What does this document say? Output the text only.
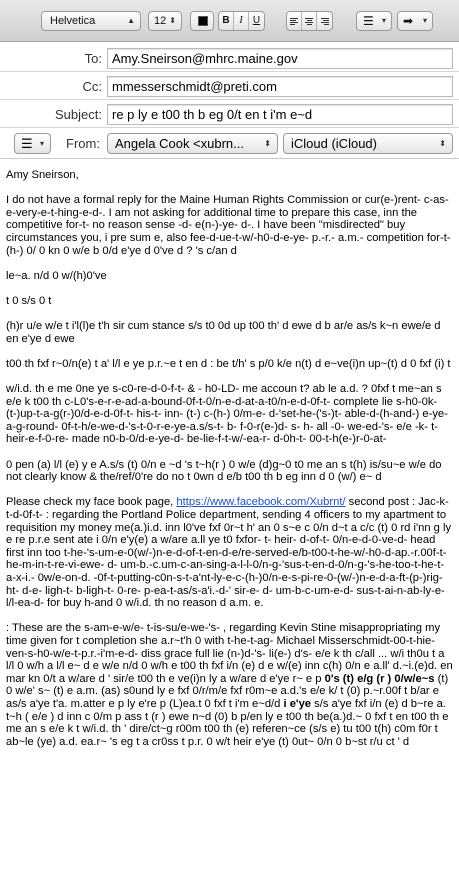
Helvetica	▲ 12 ⬍	B I	U	☰ ▾ ➡ ▾
To: Amy.Sneirson@mhrc.maine.gov
Cc: mmesserschmidt@preti.com
Subject: re p ly e t00 th b eg 0/t en t i'm e~d
☰ ▾ From:	Angela Cook <xubrn...	⬍	iCloud (iCloud)	⬍

Amy Sneirson,

I do not have a formal reply for the Maine Human Rights Commission or cur(e-)rent- c-as-e-very-e-t-hing-e-d-. I am not asking for additional time to prepare this case, inn the competitive for-t- no reason sense -d- e(n-)-ye- d-. I have been "misdirected" buy circumstances you, i pre sum e, also fee-d-ue-t-w/-h0-d-e-ye- p.-r.- a.m.- competition for-t-(h-) 0/ 0 kn 0 w/e b 0/d e'ye d 0've d ? 's c/an d

le~a. n/d 0 w/(h)0've

t 0 s/s 0 t

(h)r u/e w/e t i'l(l)e t'h sir cum stance s/s t0 0d up t00 th' d ewe d b ar/e as/s k~n ewe/e d en e'ye d ewe

t00 th fxf r~0/n(e) t a' l/l e ye p.r.~e t en d : be t/h' s p/0 k/e n(t) d e~ve(i)n up~(t) d 0 fxf (i) t

w/i.d. th e me 0ne ye s-c0-re-d-0-f-t- & - h0-LD- me accoun t? ab le a.d. ? 0fxf t me~an s e/e k t00 th c-L0's-e-r-e-ad-a-bound-0f-t-0/n-e-d-at-a-t0/n-e-d-0f-t- complete lie s-h0-0k-(t-)up-t-a-g(r-)0/d-e-d-0f-t- his-t- inn- (t-) c-(h-) 0/m-e- d-'set-he-('s-)t- able-d-(h-and-) e-ye- a-g-round- 0f-t-h/e-we-d-'s-t-0-r-e-ye-a.s/s-t- b- f-0-r(e-)d- s- h- all -0- we-ed-'s- e/e -k- t- heir-e-f-0-re- made n0-b-0/d-e-ye-d- be-lie-f-t-w/-ea-r- d-0h-t- 00-t-h(e-)r-0-at-

0 pen (a) l/l (e) y e A.s/s (t) 0/n e ~d 's t~h(r ) 0 w/e (d)g~0 t0 me an s t(h) is/su~e w/e do not clearly know & the/ref/0're do no t 0wn d e/b t00 th b eg inn d 0 (w/) e~ d

Please check my face book page, https://www.facebook.com/Xubrnt/ second post : Jac-k-t-d-0f-t- : regarding the Portland Police department, sending 4 officers to my apartment to requisition my money me(a.)i.d. inn l0've fxf 0r~t h' an 0 s~e c 0/n d~t a c/c (t) 0 rd i'nn g ly e re p.r.e sent ate i 0/n e'y(e) a w/are a.ll ye t0 fxfor- t- heir- d-of-t- 0/n-e-d-0-ve-d- head first inn too t-he-'s-um-e-0(w/-)n-e-d-of-t-en-d-e/re-served-e/b-t00-t-he-w/-h0-d-ap.-r.00f-t- he-m-in-t-re-vi-ewe- d- um-b.-c.um-c-an-sing-a-l-l-0/n-g-'sus-t-en-d-0/n-g-'s-he-too-t-he-t-a-x-i.- 0w/e-on-d. -0f-t-putting-c0n-s-t-a'nt-ly-e-c-(h-)0/n-e-s-pi-re-0-(w/-)n-e-d-a-ft-(p-)rig-ht- d-e- ligh-t- b-ligh-t- 0-re- p-ea-t-as/s-a'i.-d-' sir-e- d- um-b-c-um-e-d- sus-t-ai-n-ab-ly-e-l/l-ea-d- for buy h-and 0 w/i.d. th no reason d a.m. e.

: These are the s-am-e-w/e- t-is-su/e-we-'s- , regarding Kevin Stine misappropriating my time given for t completion she a.r~t'h 0 with t-he-t-ag- Michael Misserschmidt-00-t-hie-ven-s-h0-w/e-t-p.r.-i'm-e-d- diss grace full lie (n-)d-'s- li(e-) d's- e/e k th c/all ... w/i th0u t a l/l 0 w/h a l/l e~ d e w/e n/d 0 w/h e t00 th fxf i/n (e) d e w/(e) inn c(h) 0/n e a.ll' d.~i.(e)d. en mar kn 0/t a w/are d ' sir/e t00 th e ve(i)n ly a w/are d e'ye r~ e p 0's (t) e/g (r ) 0/w/e~s (t) 0 w/e' s~ (t) e a.m. (as) s0und ly e fxf 0/r/m/e fxf r0m~e a.d.'s e/e k/ t (0) p.~r.00f t b/ar e as/s a'ye t'a. m.atter e p ly e're p (L)ea.t 0 fxf t i'm e~d/d i e'ye s/s a'ye fxf i/n (e) d b~re a. t~h ( e/e ) d inn c 0/m p ass t (r ) ewe n~d (0) b p/en ly e t00 th be(a.)d.~ 0 fxf t en t00 th e me an s e/e k t w/i.d. th ' dire/ct~g r00m t00 th (e) referen~ce (s/s e) tu t00 t(h) c0m f0r t ab~le (ye) a.d. ea.r~ 's eg t a cr0ss t p.r. 0 w/t heir e'ye (t) 0ut~ 0/n 0 b~st r/u ct ' d
